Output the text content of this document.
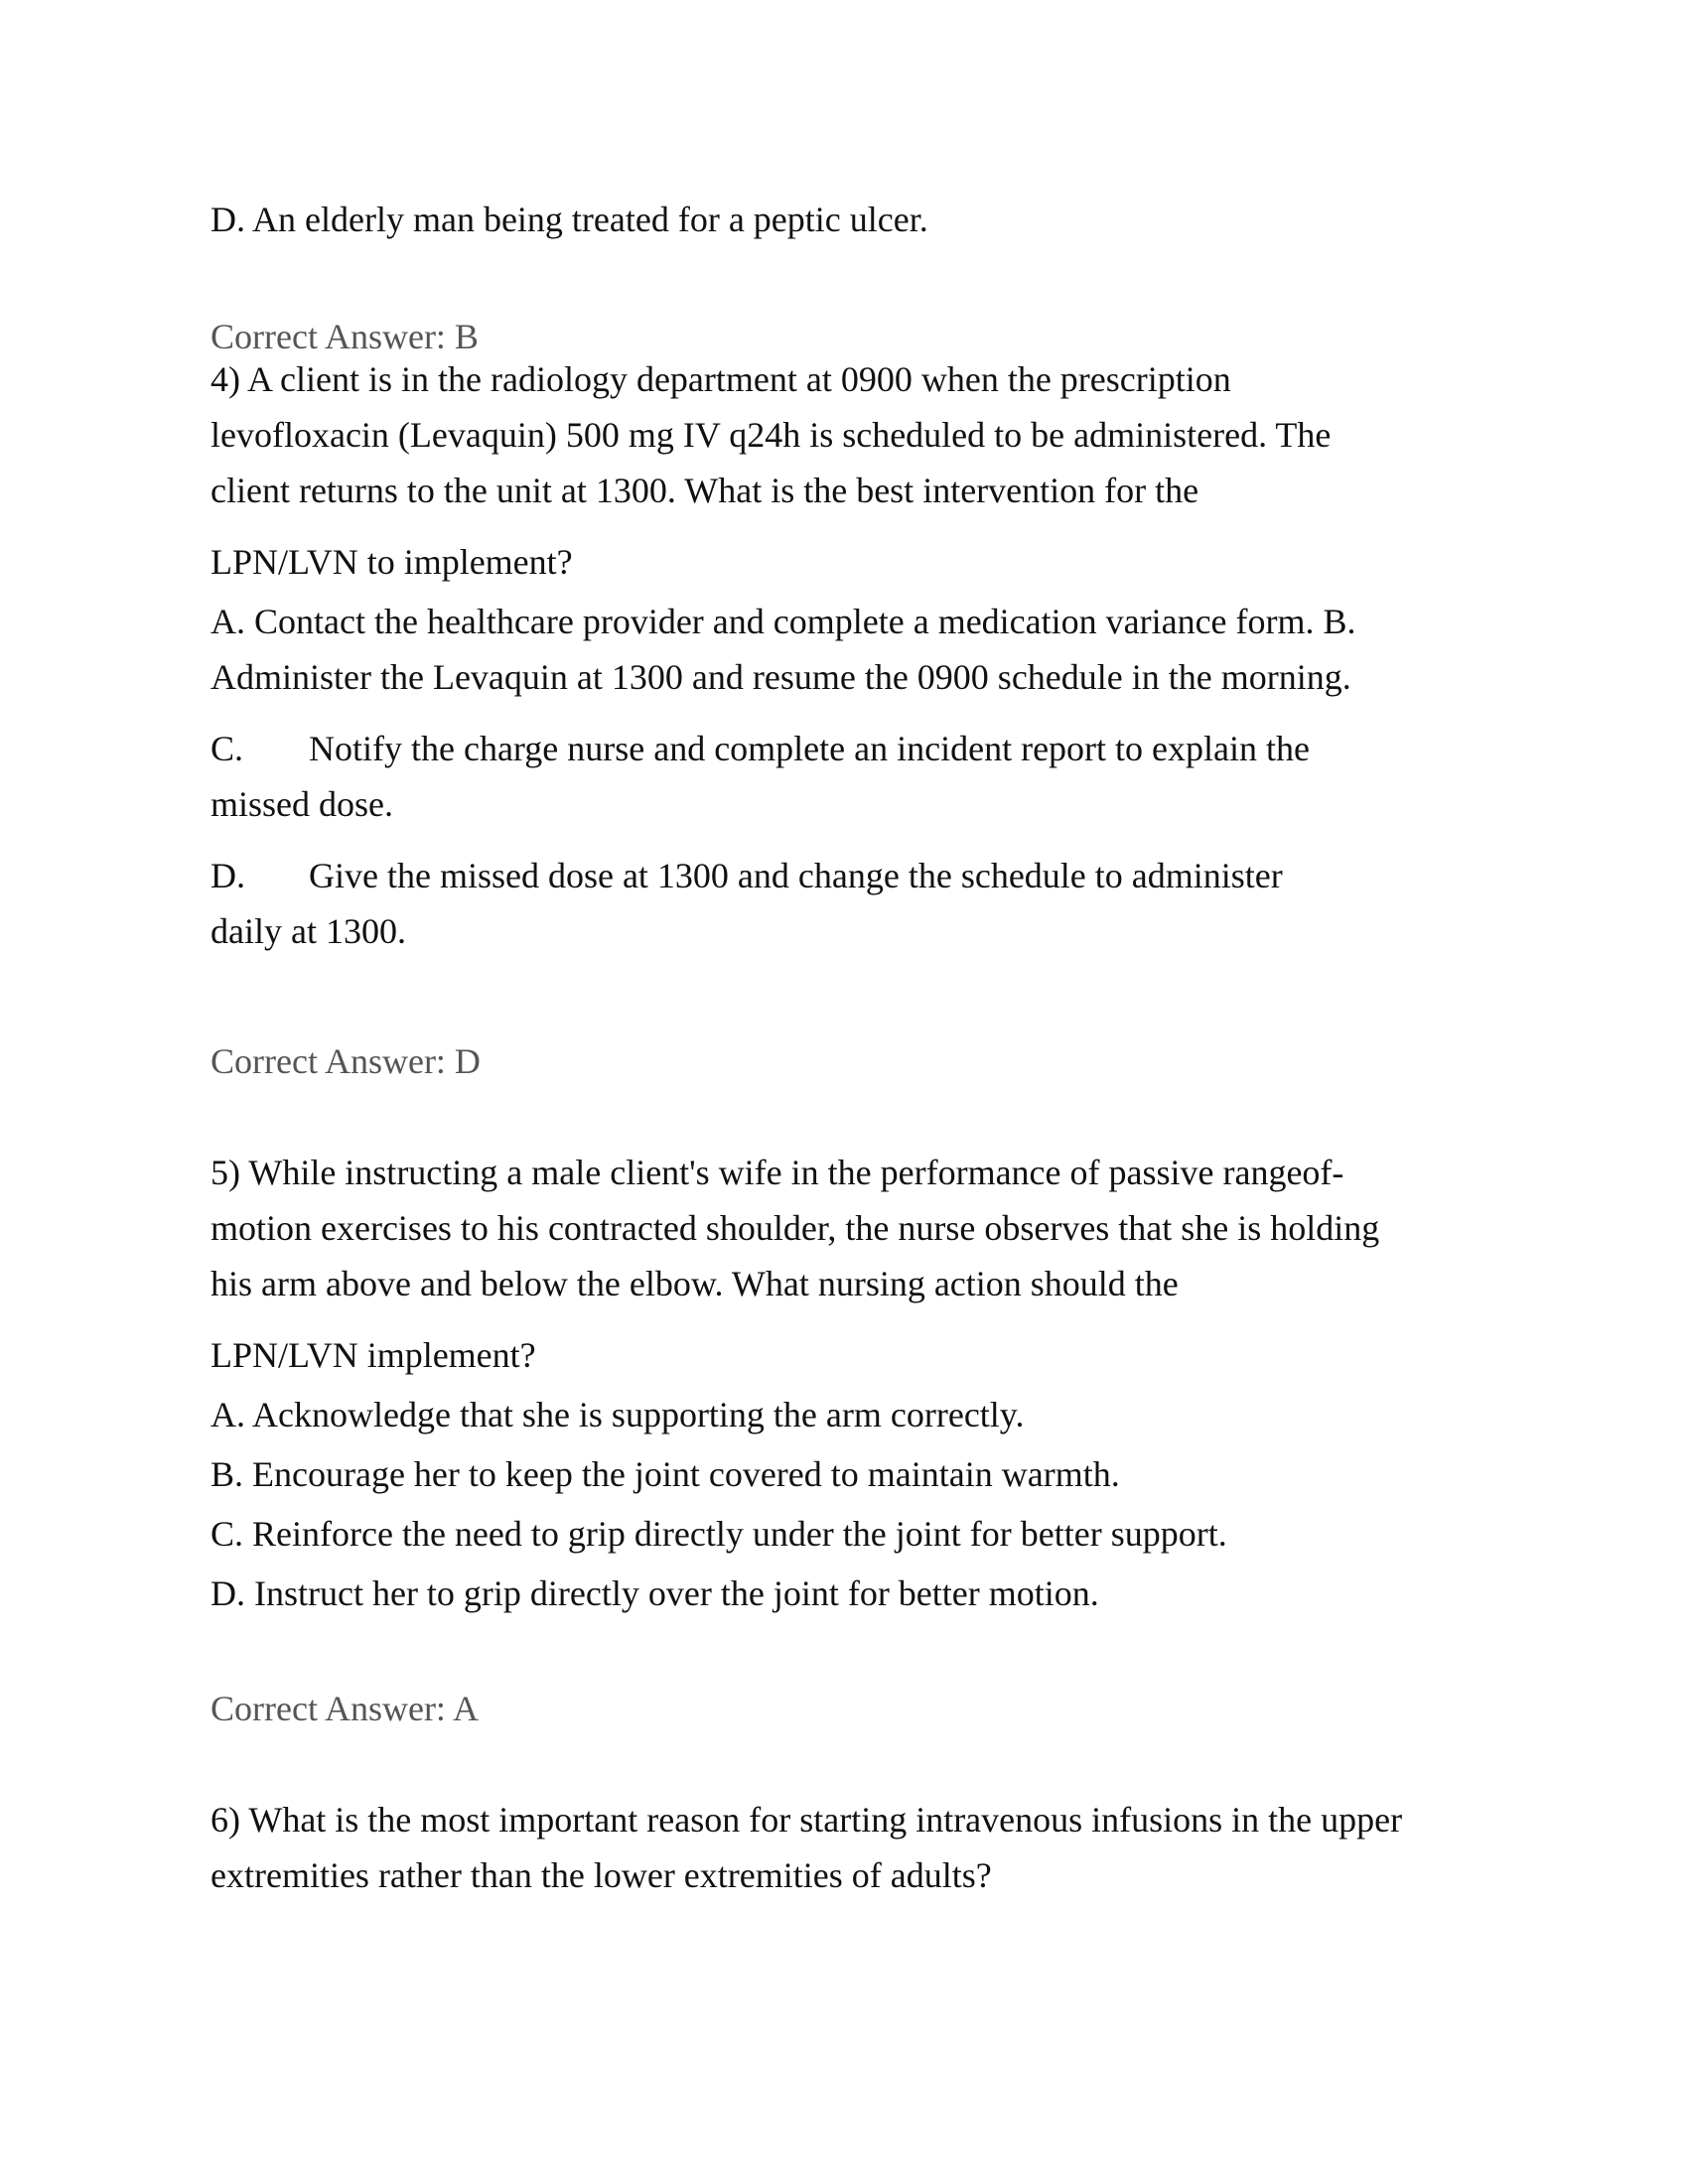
D. An elderly man being treated for a peptic ulcer.

Correct Answer: B

4) A client is in the radiology department at 0900 when the prescription

levofloxacin (Levaquin) 500 mg IV q24h is scheduled to be administered. The

client returns to the unit at 1300. What is the best intervention for the

LPN/LVN to implement?

A. Contact the healthcare provider and complete a medication variance form. B.

Administer the Levaquin at 1300 and resume the 0900 schedule in the morning.

C. Notify the charge nurse and complete an incident report to explain the

missed dose.

D. Give the missed dose at 1300 and change the schedule to administer

daily at 1300.

Correct Answer: D

5) While instructing a male client's wife in the performance of passive rangeof-

motion exercises to his contracted shoulder, the nurse observes that she is holding

his arm above and below the elbow. What nursing action should the

LPN/LVN implement?

A. Acknowledge that she is supporting the arm correctly.

B. Encourage her to keep the joint covered to maintain warmth.

C. Reinforce the need to grip directly under the joint for better support.

D. Instruct her to grip directly over the joint for better motion.

Correct Answer: A

6) What is the most important reason for starting intravenous infusions in the upper

extremities rather than the lower extremities of adults?
